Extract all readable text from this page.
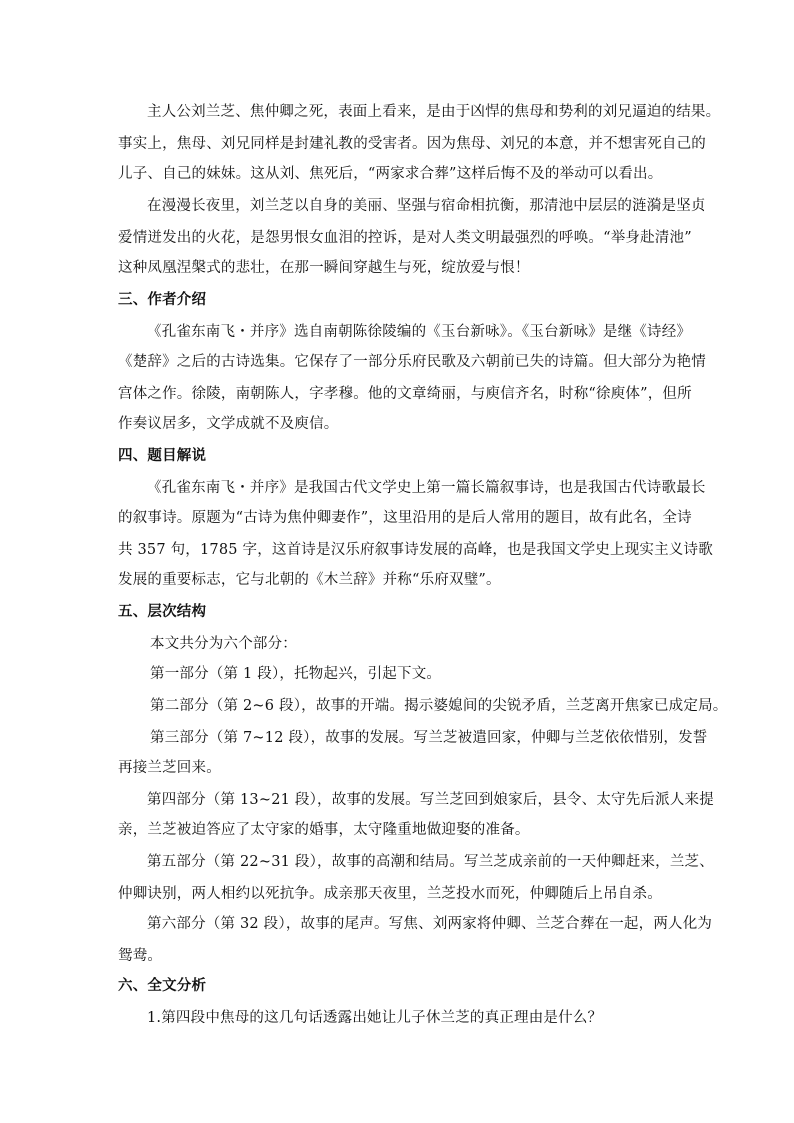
主人公刘兰芝、焦仲卿之死，表面上看来，是由于凶悍的焦母和势利的刘兄逼迫的结果。
事实上，焦母、刘兄同样是封建礼教的受害者。因为焦母、刘兄的本意，并不想害死自己的
儿子、自己的妹妹。这从刘、焦死后，“两家求合葬”这样后悔不及的举动可以看出。
在漫漫长夜里，刘兰芝以自身的美丽、坚强与宿命相抗衡，那清池中层层的涟漪是坚贞
爱情迸发出的火花，是怨男恨女血泪的控诉，是对人类文明最强烈的呼唤。“举身赴清池”
这种凤凰涅槃式的悲壮，在那一瞬间穿越生与死，绽放爱与恨！
三、作者介绍
《孔雀东南飞・并序》选自南朝陈徐陵编的《玉台新咏》。《玉台新咏》是继《诗经》
《楚辞》之后的古诗选集。它保存了一部分乐府民歌及六朝前已失的诗篇。但大部分为艳情
宫体之作。徐陵，南朝陈人，字孝穆。他的文章绮丽，与庾信齐名，时称“徐庾体”，但所
作奏议居多，文学成就不及庾信。
四、题目解说
《孔雀东南飞・并序》是我国古代文学史上第一篇长篇叙事诗，也是我国古代诗歌最长
的叙事诗。原题为“古诗为焦仲卿妻作”，这里沿用的是后人常用的题目，故有此名，全诗
共 357 句，1785 字，这首诗是汉乐府叙事诗发展的高峰，也是我国文学史上现实主义诗歌
发展的重要标志，它与北朝的《木兰辞》并称“乐府双璧”。
五、层次结构
本文共分为六个部分：
第一部分（第 1 段），托物起兴，引起下文。
第二部分（第 2~6 段），故事的开端。揭示婆媳间的尖锐矛盾，兰芝离开焦家已成定局。
第三部分（第 7~12 段），故事的发展。写兰芝被遣回家，仲卿与兰芝依依惜别，发誓
再接兰芝回来。
第四部分（第 13~21 段），故事的发展。写兰芝回到娘家后，县令、太守先后派人来提
亲，兰芝被迫答应了太守家的婚事，太守隆重地做迎娶的准备。
第五部分（第 22~31 段），故事的高潮和结局。写兰芝成亲前的一天仲卿赶来，兰芝、
仲卿诀别，两人相约以死抗争。成亲那天夜里，兰芝投水而死，仲卿随后上吊自杀。
第六部分（第 32 段），故事的尾声。写焦、刘两家将仲卿、兰芝合葬在一起，两人化为
鸳鸯。
六、全文分析
1.第四段中焦母的这几句话透露出她让儿子休兰芝的真正理由是什么？
